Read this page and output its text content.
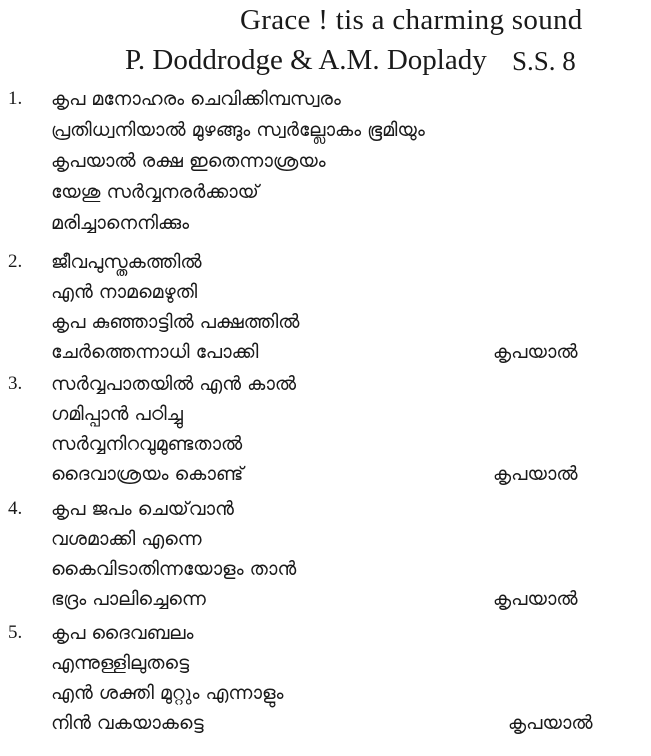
Grace ! tis a charming sound
P. Doddrodge & A.M. Doplady S.S. 8
1. കൃപ മനോഹരം ചെവിക്കിമ്പസ്വരം
പ്രതിധ്വനിയാൽ മുഴങ്ങും സ്വർല്ലോകം ഭൂമിയും
കൃപയാൽ രക്ഷ ഇതെന്നാശ്രയം
യേശു സർവ്വനരർക്കായ്
മരിച്ചാനെനിക്കും
2. ജീവപുസ്തകത്തിൽ
എൻ നാമമെഴുതി
കൃപ കുഞ്ഞാട്ടിൽ പക്ഷത്തിൽ
ചേർത്തെന്നാധി പോക്കി	കൃപയാൽ
3. സർവ്വപാതയിൽ എൻ കാൽ
ഗമിപ്പാൻ പഠിച്ചു
സർവ്വനിറവുമുണ്ടതാൽ
ദൈവാശ്രയം കൊണ്ട്	കൃപയാൽ
4. കൃപ ജപം ചെയ്‌വാൻ
വശമാക്കി എന്നെ
കൈവിടാതിന്നയോളം താൻ
ഭദ്രം പാലിച്ചെന്നെ	കൃപയാൽ
5. കൃപ ദൈവബലം
എന്നുള്ളിലുതട്ടെ
എൻ ശക്തി മുറ്റും എന്നാളും
നിൻ വകയാകട്ടെ	കൃപയാൽ
